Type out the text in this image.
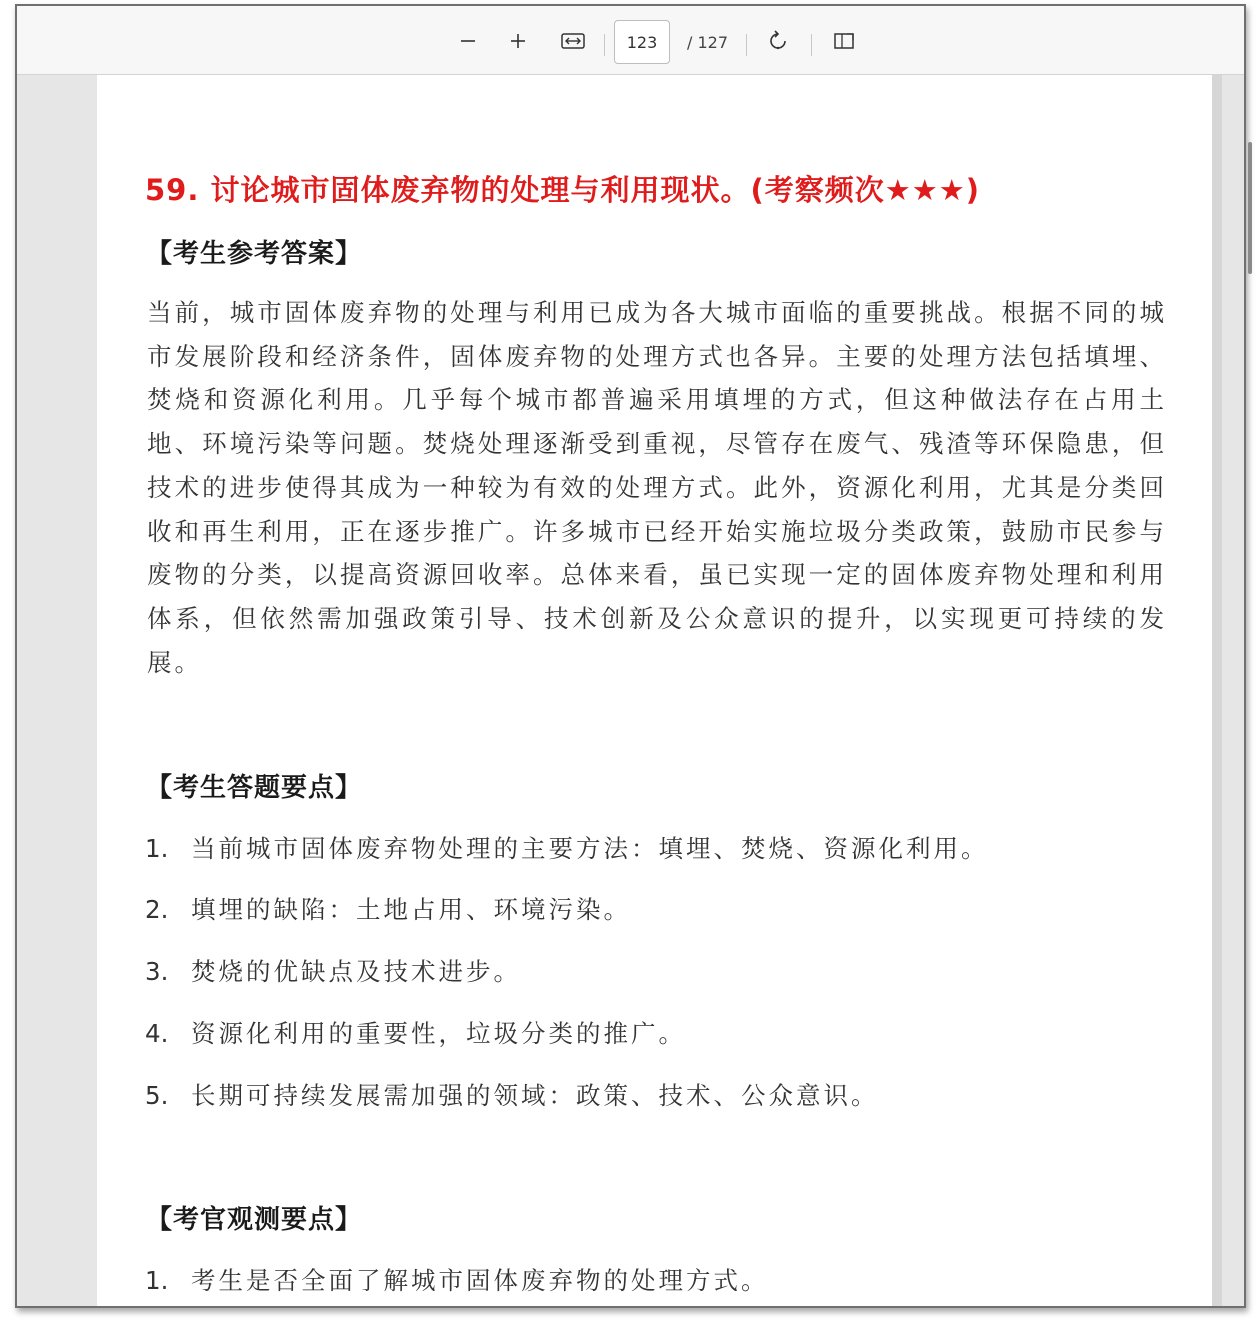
123
/ 127
59. 讨论城市固体废弃物的处理与利用现状。(考察频次★★★)
【考生参考答案】
当前，城市固体废弃物的处理与利用已成为各大城市面临的重要挑战。根据不同的城市发展阶段和经济条件，固体废弃物的处理方式也各异。主要的处理方法包括填埋、焚烧和资源化利用。几乎每个城市都普遍采用填埋的方式，但这种做法存在占用土地、环境污染等问题。焚烧处理逐渐受到重视，尽管存在废气、残渣等环保隐患，但技术的进步使得其成为一种较为有效的处理方式。此外，资源化利用，尤其是分类回收和再生利用，正在逐步推广。许多城市已经开始实施垃圾分类政策，鼓励市民参与废物的分类，以提高资源回收率。总体来看，虽已实现一定的固体废弃物处理和利用体系，但依然需加强政策引导、技术创新及公众意识的提升，以实现更可持续的发展。
【考生答题要点】
1. 当前城市固体废弃物处理的主要方法：填埋、焚烧、资源化利用。
2. 填埋的缺陷：土地占用、环境污染。
3. 焚烧的优缺点及技术进步。
4. 资源化利用的重要性，垃圾分类的推广。
5. 长期可持续发展需加强的领域：政策、技术、公众意识。
【考官观测要点】
1. 考生是否全面了解城市固体废弃物的处理方式。
